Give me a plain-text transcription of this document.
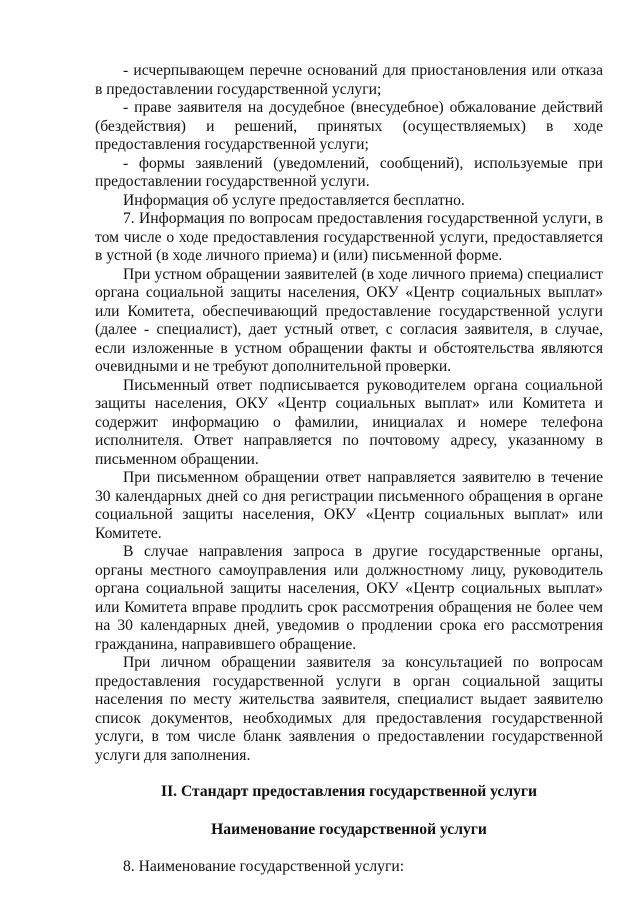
- исчерпывающем перечне оснований для приостановления или отказа в предоставлении государственной услуги;

- праве заявителя на досудебное (внесудебное) обжалование действий (бездействия) и решений, принятых (осуществляемых) в ходе предоставления государственной услуги;

- формы заявлений (уведомлений, сообщений), используемые при предоставлении государственной услуги.

Информация об услуге предоставляется бесплатно.

7. Информация по вопросам предоставления государственной услуги, в том числе о ходе предоставления государственной услуги, предоставляется в устной (в ходе личного приема) и (или) письменной форме.

При устном обращении заявителей (в ходе личного приема) специалист органа социальной защиты населения, ОКУ «Центр социальных выплат» или Комитета, обеспечивающий предоставление государственной услуги (далее - специалист), дает устный ответ, с согласия заявителя, в случае, если изложенные в устном обращении факты и обстоятельства являются очевидными и не требуют дополнительной проверки.

Письменный ответ подписывается руководителем органа социальной защиты населения, ОКУ «Центр социальных выплат» или Комитета и содержит информацию о фамилии, инициалах и номере телефона исполнителя. Ответ направляется по почтовому адресу, указанному в письменном обращении.

При письменном обращении ответ направляется заявителю в течение 30 календарных дней со дня регистрации письменного обращения в органе социальной защиты населения, ОКУ «Центр социальных выплат» или Комитете.

В случае направления запроса в другие государственные органы, органы местного самоуправления или должностному лицу, руководитель органа социальной защиты населения, ОКУ «Центр социальных выплат» или Комитета вправе продлить срок рассмотрения обращения не более чем на 30 календарных дней, уведомив о продлении срока его рассмотрения гражданина, направившего обращение.

При личном обращении заявителя за консультацией по вопросам предоставления государственной услуги в орган социальной защиты населения по месту жительства заявителя, специалист выдает заявителю список документов, необходимых для предоставления государственной услуги, в том числе бланк заявления о предоставлении государственной услуги для заполнения.

II. Стандарт предоставления государственной услуги

Наименование государственной услуги

8. Наименование государственной услуги:
